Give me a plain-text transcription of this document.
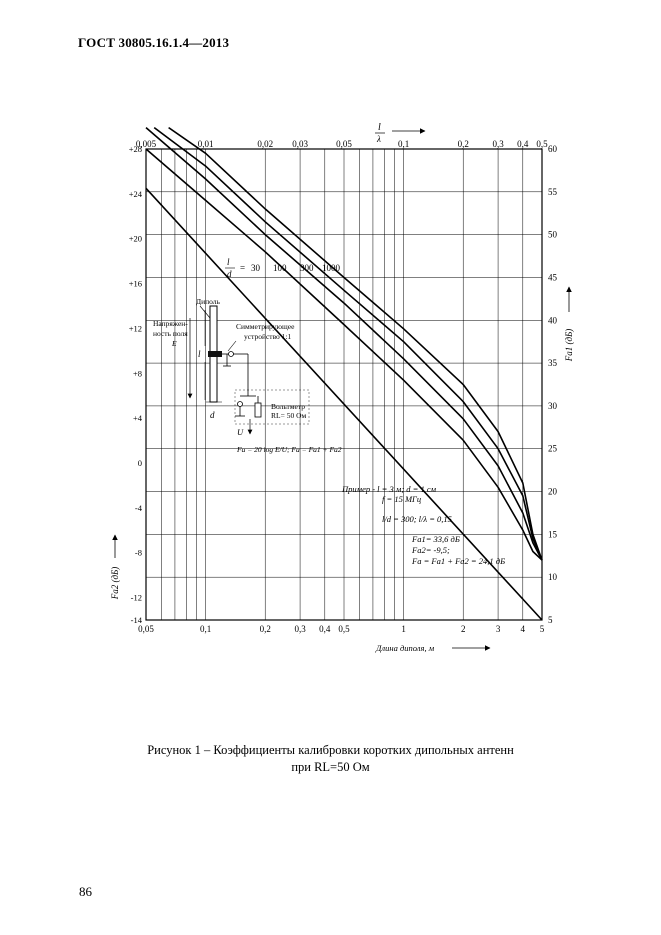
ГОСТ 30805.16.1.4—2013
0,05	0,1	0,2	0,3 0,4 0,5	1	2	3 4 5
0,005	0,01	0,02 0,03	0,05	0,1	0,2	0,3 0,4 0,5
5
10
15
20
25
30
35
40
45
50
55
60
+28
+24
+20
+16
+12
+8
+4
0
-4
-8
-12
-14
Длина диполя, м
l
λ
Fa1 (дБ)
Fa2 (дБ)
l
d
= 30 100 300 1000
Диполь
Напряжен-
ность поля
E
Симметрирующее
устройство 1:1
l
U
Вольтметр
RL= 50 Ом
d
Fa = 20 log E/U; Fa = Fa1 + Fa2
Пример - l = 3 м; d = 1 см
f = 15 МГц
l/d = 300; l/λ = 0,15
Fa1= 33,6 дБ
Fa2= -9,5;
Fa = Fa1 + Fa2 = 24,1 дБ
Рисунок 1 – Коэффициенты калибровки коротких дипольных антенн
при RL=50 Ом
86
